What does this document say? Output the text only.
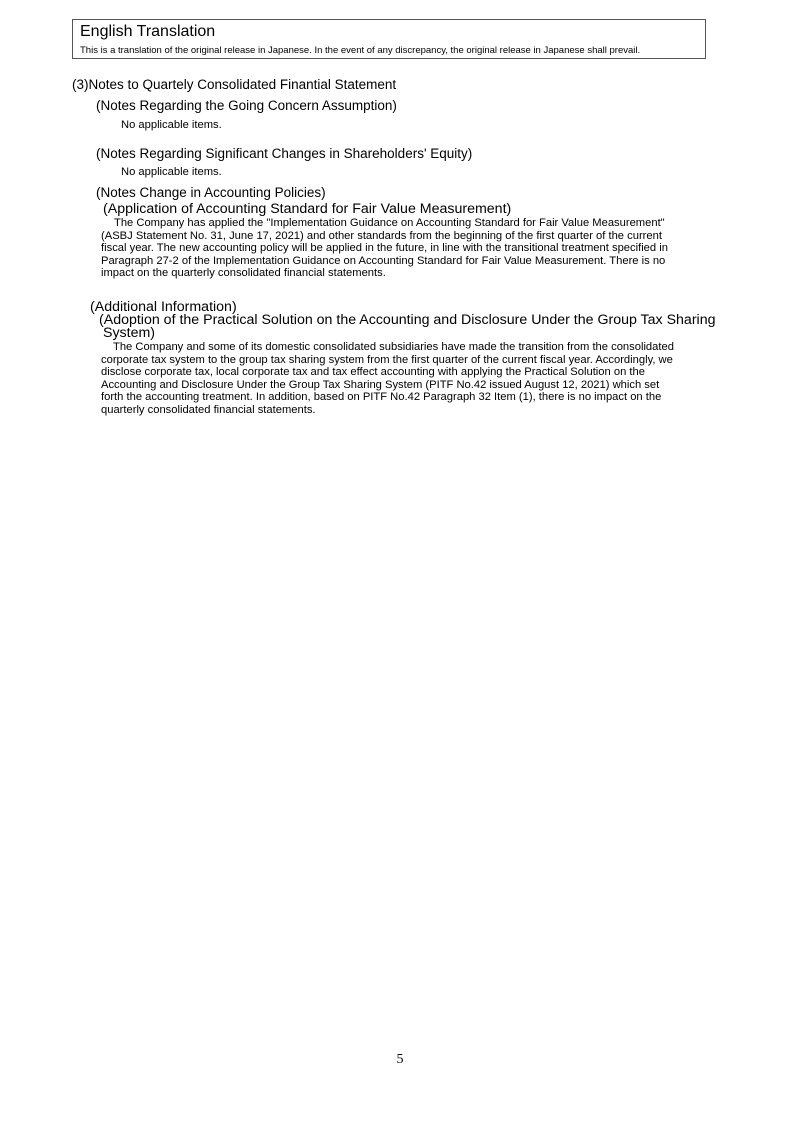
English Translation
This is a translation of the original release in Japanese. In the event of any discrepancy, the original release in Japanese shall prevail.
(3)Notes to Quartely Consolidated Finantial Statement
(Notes Regarding the Going Concern Assumption)
No applicable items.
(Notes Regarding Significant Changes in Shareholders' Equity)
No applicable items.
(Notes Change in Accounting Policies)
(Application of Accounting Standard for Fair Value Measurement)
The Company has applied the "Implementation Guidance on Accounting Standard for Fair Value Measurement"
(ASBJ Statement No. 31, June 17, 2021) and other standards from the beginning of the first quarter of the current
fiscal year. The new accounting policy will be applied in the future, in line with the transitional treatment specified in
Paragraph 27-2 of the Implementation Guidance on Accounting Standard for Fair Value Measurement. There is no
impact on the quarterly consolidated financial statements.
(Additional Information)
(Adoption of the Practical Solution on the Accounting and Disclosure Under the Group Tax Sharing
System)
The Company and some of its domestic consolidated subsidiaries have made the transition from the consolidated
corporate tax system to the group tax sharing system from the first quarter of the current fiscal year. Accordingly, we
disclose corporate tax, local corporate tax and tax effect accounting with applying the Practical Solution on the
Accounting and Disclosure Under the Group Tax Sharing System (PITF No.42 issued August 12, 2021) which set
forth the accounting treatment. In addition, based on PITF No.42 Paragraph 32 Item (1), there is no impact on the
quarterly consolidated financial statements.
5
